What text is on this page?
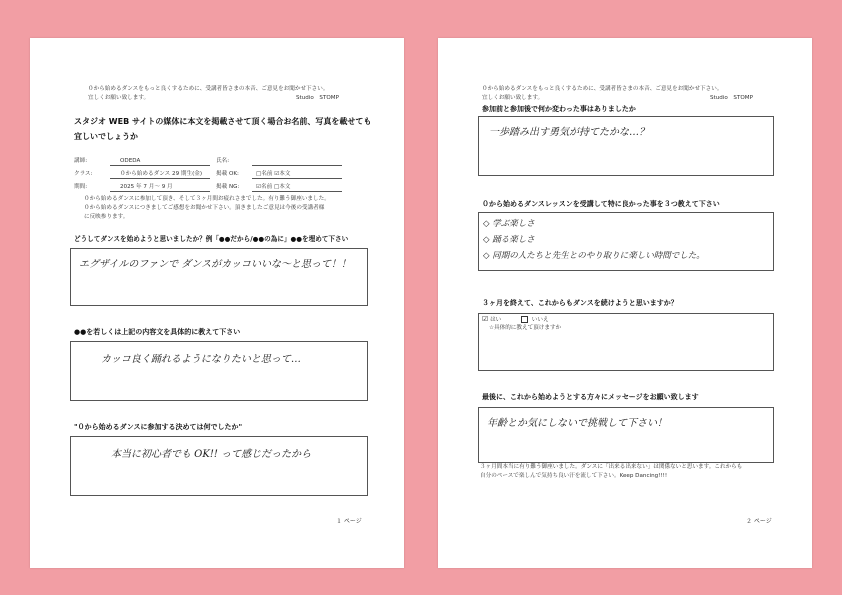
０から始めるダンスをもっと良くするために、受講者皆さまの本音、ご意見をお聞かせ下さい。
宜しくお願い致します。	Studio　STOMP
スタジオ WEB サイトの媒体に本文を掲載させて頂く場合お名前、写真を載せても宜しいでしょうか
講師:	ODEDA	氏名:
クラス:	０から始めるダンス 29 期生(金) 掲載 OK:	□名前 ☑本文
期間:	2025 年 7 月～ 9 月	掲載 NG:	☑名前 □本文
０から始めるダンスに参加して頂き、そして３ヶ月間お疲れさまでした。有り難う御座いました。
０から始めるダンスにつきましてご感想をお聞かせ下さい。頂きましたご意見は今後の受講者様
に反映参ります。
どうしてダンスを始めようと思いましたか？例「●●だから/●●の為に」●●を埋めて下さい
エグザイルのファンで ダンスがカッコいいな～と思って！！
●●を若しくは上記の内容文を具体的に教えて下さい
カッコ良く踊れるようになりたいと思って…
"０から始めるダンスに参加する決めては何でしたか"
本当に初心者でも OK!! って感じだったから
１ ページ
０から始めるダンスをもっと良くするために、受講者皆さまの本音、ご意見をお聞かせ下さい。
宜しくお願い致します。	Studio　STOMP
参加前と参加後で何か変わった事はありましたか
一歩踏み出す勇気が持てたかな…？
０から始めるダンスレッスンを受講して特に良かった事を３つ教えて下さい
◇ 学ぶ楽しさ
◇ 踊る楽しさ
◇ 同期の人たちと先生とのやり取りに楽しい時間でした。
３ヶ月を終えて、これからもダンスを続けようと思いますか？
☑ はい	いいえ
☆具体的に教えて頂けますか
最後に、これから始めようとする方々にメッセージをお願い致します
年齢とか気にしないで挑戦して下さい！
３ヶ月間本当に有り難う御座いました。ダンスに「出来る出来ない」は関係ないと思います。これからも
自分のペースで楽しんで気持ち良い汗を流して下さい。Keep Dancing!!!!
２ ページ
